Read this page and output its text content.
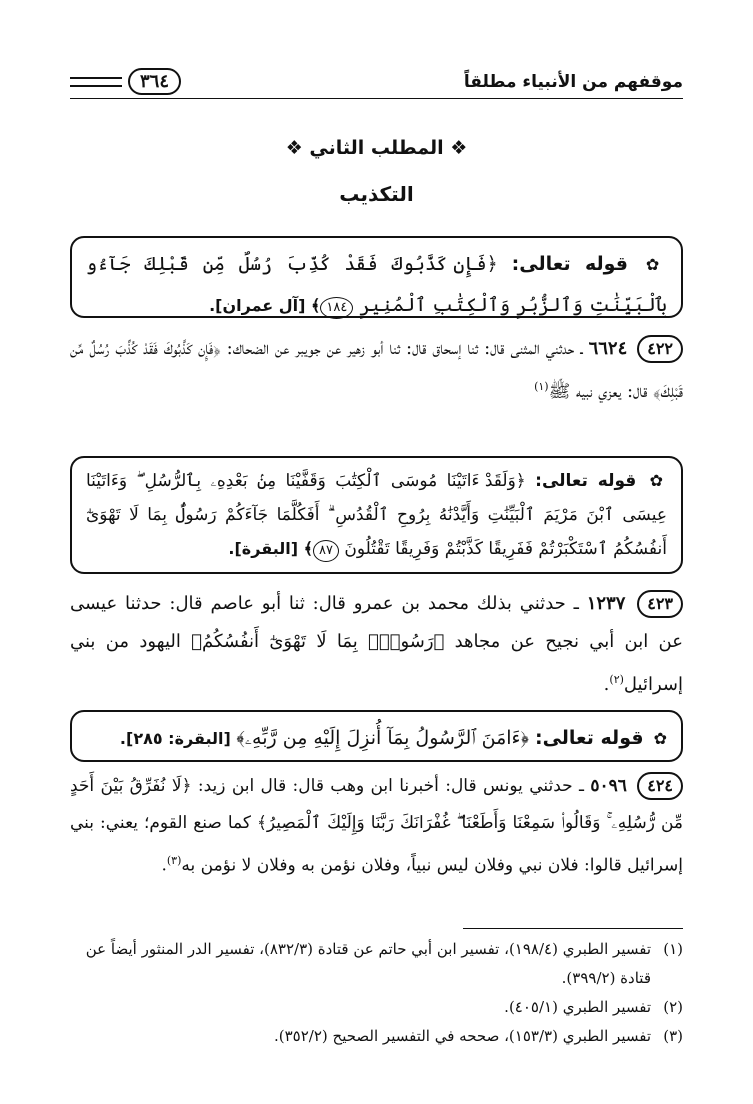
موقفهم من الأنبياء مطلقاً
٣٦٤
❖ المطلب الثاني ❖
التكذيب
✿ قوله تعالى: ﴿فَإِن كَذَّبُوكَ فَقَدْ كُذِّبَ رُسُلٌ مِّن قَبْلِكَ جَآءُو بِٱلْبَيِّنَٰتِ وَٱلزُّبُرِ وَٱلْكِتَٰبِ ٱلْمُنِيرِ ١٨٤﴾ [آل عمران].
٤٢٢ ٦٦٢٤ ـ حدثني المثنى قال: ثنا إسحاق قال: ثنا أبو زهير عن جويبر عن الضحاك: ﴿فَإِن كَذَّبُوكَ فَقَدْ كُذِّبَ رُسُلٌ مِّن قَبْلِكَ﴾ قال: يعزي نبيه ﷺ$^{(١)}$
✿ قوله تعالى: ﴿وَلَقَدْ ءَاتَيْنَا مُوسَى ٱلْكِتَٰبَ وَقَفَّيْنَا مِنۢ بَعْدِهِۦ بِٱلرُّسُلِ ۖ وَءَاتَيْنَا عِيسَى ٱبْنَ مَرْيَمَ ٱلْبَيِّنَٰتِ وَأَيَّدْنَٰهُ بِرُوحِ ٱلْقُدُسِ ۗ أَفَكُلَّمَا جَآءَكُمْ رَسُولٌۢ بِمَا لَا تَهْوَىٰٓ أَنفُسُكُمُ ٱسْتَكْبَرْتُمْ فَفَرِيقًا كَذَّبْتُمْ وَفَرِيقًا تَقْتُلُونَ ٨٧﴾ [البقرة].
٤٢٣ ١٢٣٧ ـ حدثني بذلك محمد بن عمرو قال: ثنا أبو عاصم قال: حدثنا عيسى عن ابن أبي نجيح عن مجاهد ﴿رَسُولٌۢ بِمَا لَا تَهْوَىٰٓ أَنفُسُكُمُ﴾ اليهود من بني إسرائيل$^{(٢)}$.
✿ قوله تعالى: ﴿ءَامَنَ ٱلرَّسُولُ بِمَآ أُنزِلَ إِلَيْهِ مِن رَّبِّهِۦ﴾ [البقرة: ٢٨٥].
٤٢٤ ٥٠٩٦ ـ حدثني يونس قال: أخبرنا ابن وهب قال: قال ابن زيد: ﴿لَا نُفَرِّقُ بَيْنَ أَحَدٍ مِّن رُّسُلِهِۦ ۚ وَقَالُوا۟ سَمِعْنَا وَأَطَعْنَا ۖ غُفْرَانَكَ رَبَّنَا وَإِلَيْكَ ٱلْمَصِيرُ﴾ كما صنع القوم؛ يعني: بني إسرائيل قالوا: فلان نبي وفلان ليس نبياً، وفلان نؤمن به وفلان لا نؤمن به$^{(٣)}$.
(١)
تفسير الطبري (١٩٨/٤)، تفسير ابن أبي حاتم عن قتادة (٨٣٢/٣)، تفسير الدر المنثور أيضاً عن قتادة (٣٩٩/٢).
(٢)
تفسير الطبري (٤٠٥/١).
(٣)
تفسير الطبري (١٥٣/٣)، صححه في التفسير الصحيح (٣٥٢/٢).
